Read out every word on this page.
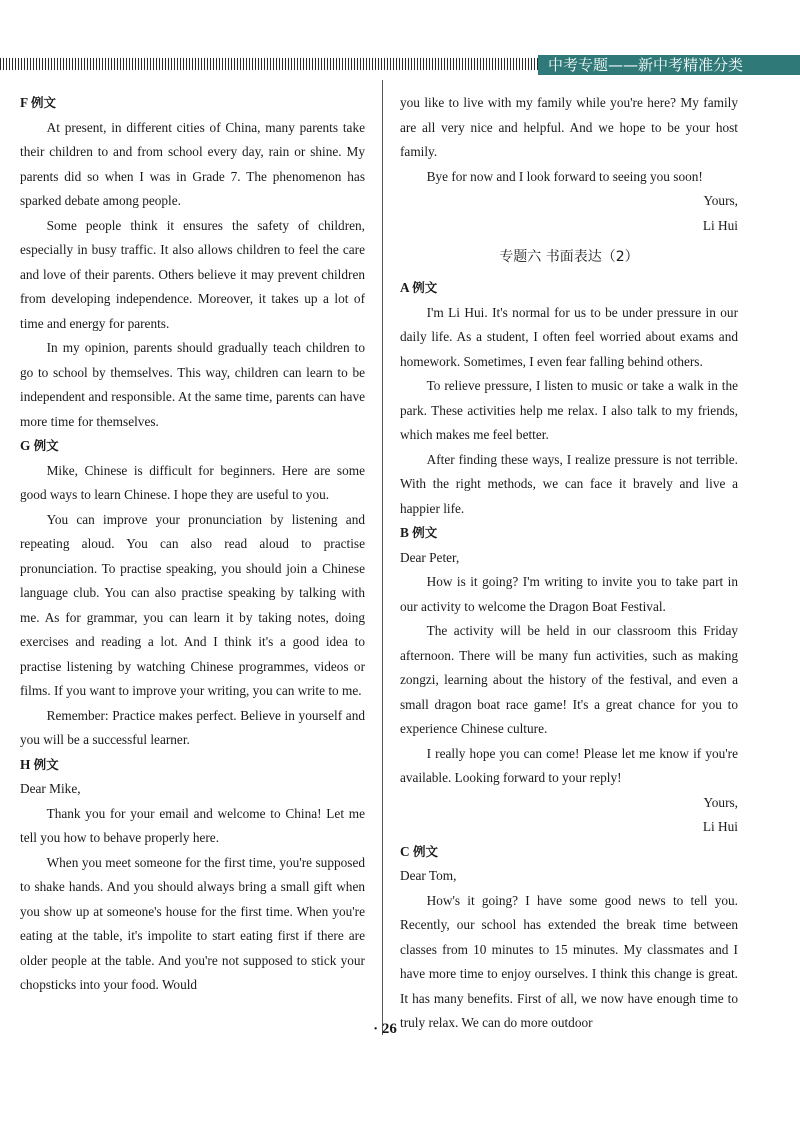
中考专题——新中考精准分类

F 例文

At present, in different cities of China, many parents take their children to and from school every day, rain or shine. My parents did so when I was in Grade 7. The phenomenon has sparked debate among people.

Some people think it ensures the safety of children, especially in busy traffic. It also allows children to feel the care and love of their parents. Others believe it may prevent children from developing independence. Moreover, it takes up a lot of time and energy for parents.

In my opinion, parents should gradually teach children to go to school by themselves. This way, children can learn to be independent and responsible. At the same time, parents can have more time for themselves.

G 例文

Mike, Chinese is difficult for beginners. Here are some good ways to learn Chinese. I hope they are useful to you.

You can improve your pronunciation by listening and repeating aloud. You can also read aloud to practise pronunciation. To practise speaking, you should join a Chinese language club. You can also practise speaking by talking with me. As for grammar, you can learn it by taking notes, doing exercises and reading a lot. And I think it's a good idea to practise listening by watching Chinese programmes, videos or films. If you want to improve your writing, you can write to me.

Remember: Practice makes perfect. Believe in yourself and you will be a successful learner.

H 例文

Dear Mike,

Thank you for your email and welcome to China! Let me tell you how to behave properly here.

When you meet someone for the first time, you're supposed to shake hands. And you should always bring a small gift when you show up at someone's house for the first time. When you're eating at the table, it's impolite to start eating first if there are older people at the table. And you're not supposed to stick your chopsticks into your food. Would

you like to live with my family while you're here? My family are all very nice and helpful. And we hope to be your host family.

Bye for now and I look forward to seeing you soon!

Yours,

Li Hui

专题六 书面表达（2）

A 例文

I'm Li Hui. It's normal for us to be under pressure in our daily life. As a student, I often feel worried about exams and homework. Sometimes, I even fear falling behind others.

To relieve pressure, I listen to music or take a walk in the park. These activities help me relax. I also talk to my friends, which makes me feel better.

After finding these ways, I realize pressure is not terrible. With the right methods, we can face it bravely and live a happier life.

B 例文

Dear Peter,

How is it going? I'm writing to invite you to take part in our activity to welcome the Dragon Boat Festival.

The activity will be held in our classroom this Friday afternoon. There will be many fun activities, such as making zongzi, learning about the history of the festival, and even a small dragon boat race game! It's a great chance for you to experience Chinese culture.

I really hope you can come! Please let me know if you're available. Looking forward to your reply!

Yours,

Li Hui

C 例文

Dear Tom,

How's it going? I have some good news to tell you. Recently, our school has extended the break time between classes from 10 minutes to 15 minutes. My classmates and I have more time to enjoy ourselves. I think this change is great. It has many benefits. First of all, we now have enough time to truly relax. We can do more outdoor

· 26
